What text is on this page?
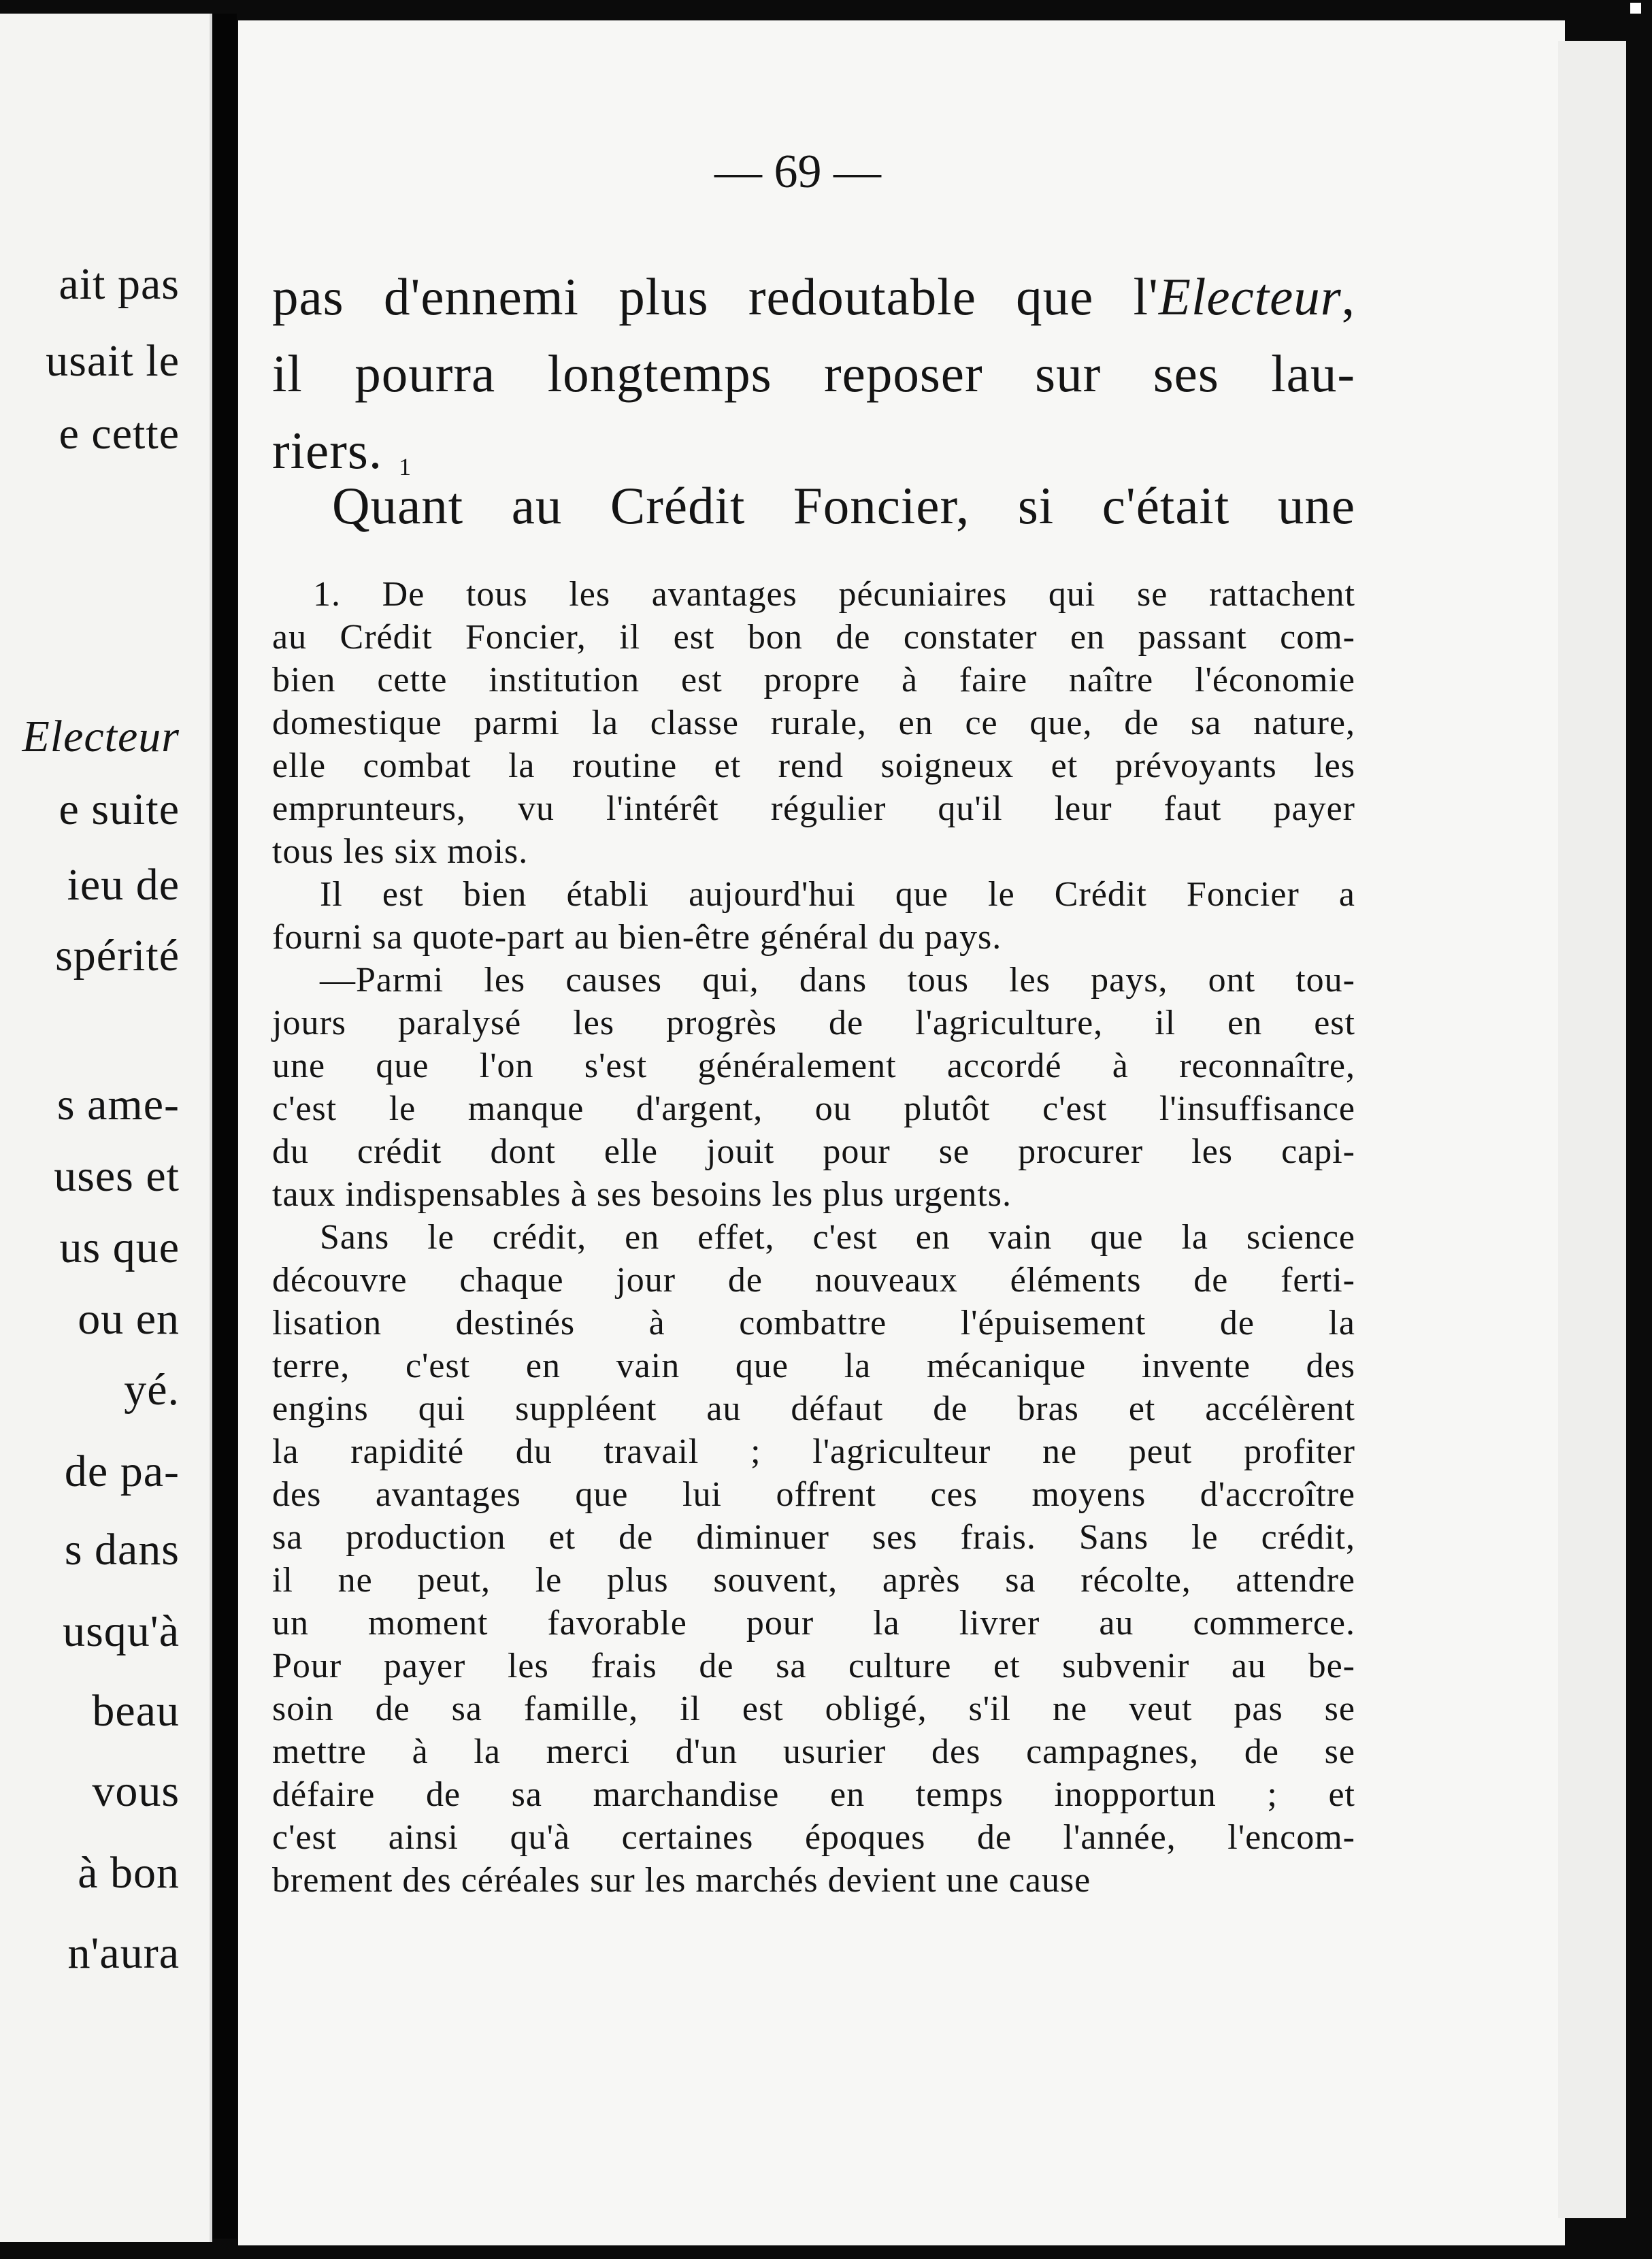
ait pas
usait le
e cette
Electeur
e suite
ieu de
spérité
s ame-
uses et
us que
ou en
yé.
de pa-
s dans
usqu'à
beau
vous
à bon
n'aura
— 69 —
pas d'ennemi plus redoutable que l'Electeur,
il pourra longtemps reposer sur ses lau-
riers. 1
Quant au Crédit Foncier, si c'était une
1. De tous les avantages pécuniaires qui se rattachent
au Crédit Foncier, il est bon de constater en passant com-
bien cette institution est propre à faire naître l'économie
domestique parmi la classe rurale, en ce que, de sa nature,
elle combat la routine et rend soigneux et prévoyants les
emprunteurs, vu l'intérêt régulier qu'il leur faut payer
tous les six mois.
Il est bien établi aujourd'hui que le Crédit Foncier a
fourni sa quote-part au bien-être général du pays.
—Parmi les causes qui, dans tous les pays, ont tou-
jours paralysé les progrès de l'agriculture, il en est
une que l'on s'est généralement accordé à reconnaître,
c'est le manque d'argent, ou plutôt c'est l'insuffisance
du crédit dont elle jouit pour se procurer les capi-
taux indispensables à ses besoins les plus urgents.
Sans le crédit, en effet, c'est en vain que la science
découvre chaque jour de nouveaux éléments de ferti-
lisation destinés à combattre l'épuisement de la
terre, c'est en vain que la mécanique invente des
engins qui suppléent au défaut de bras et accélèrent
la rapidité du travail ; l'agriculteur ne peut profiter
des avantages que lui offrent ces moyens d'accroître
sa production et de diminuer ses frais. Sans le crédit,
il ne peut, le plus souvent, après sa récolte, attendre
un moment favorable pour la livrer au commerce.
Pour payer les frais de sa culture et subvenir au be-
soin de sa famille, il est obligé, s'il ne veut pas se
mettre à la merci d'un usurier des campagnes, de se
défaire de sa marchandise en temps inopportun ; et
c'est ainsi qu'à certaines époques de l'année, l'encom-
brement des céréales sur les marchés devient une cause
